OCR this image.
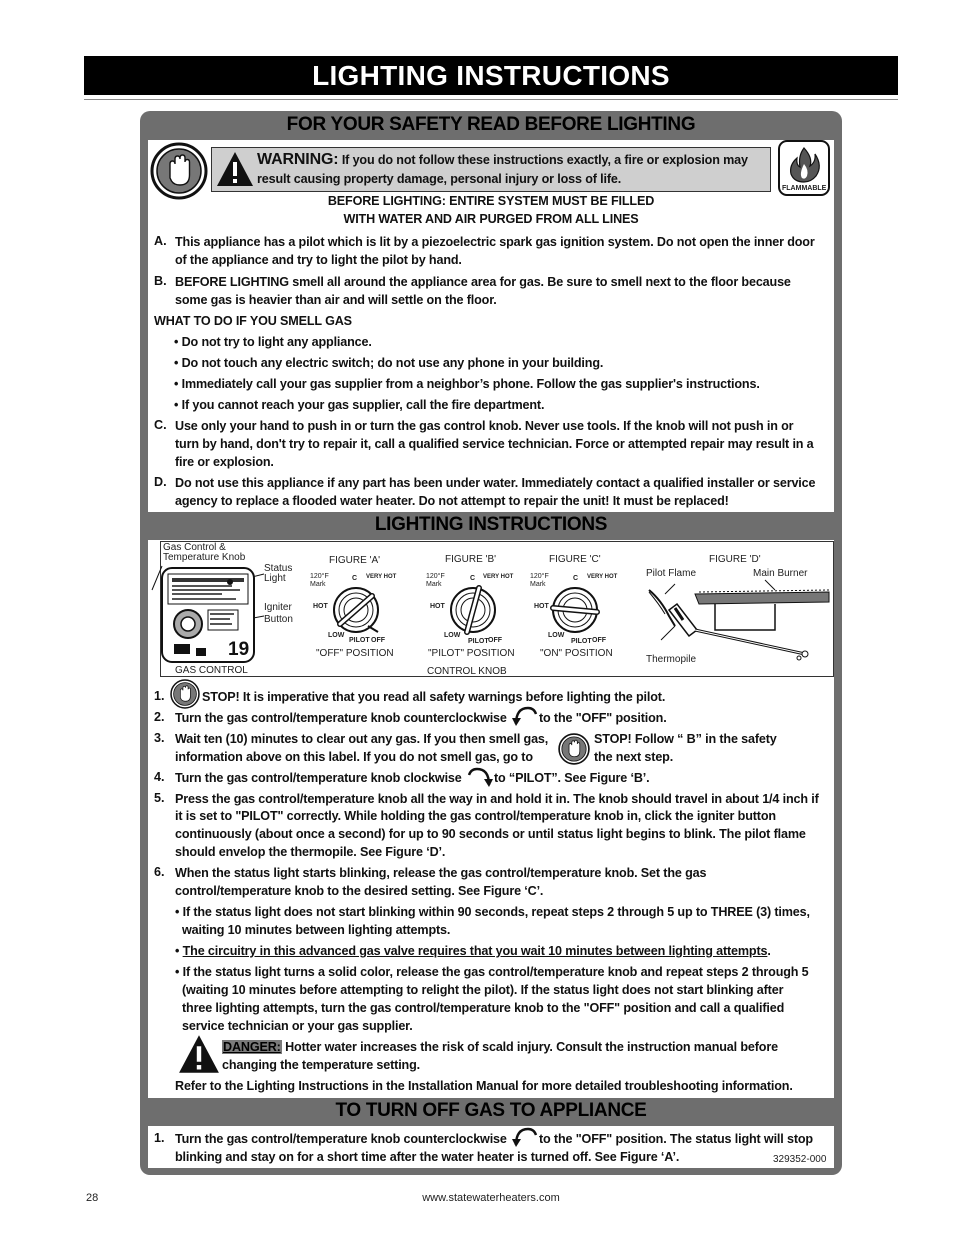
LIGHTING INSTRUCTIONS
FOR YOUR SAFETY READ BEFORE LIGHTING
LIGHTING INSTRUCTIONS
TO TURN OFF GAS TO APPLIANCE
WARNING: If you do not follow these instructions exactly, a fire or explosion may
result causing property damage, personal injury or loss of life.
FLAMMABLE
BEFORE LIGHTING: ENTIRE SYSTEM MUST BE FILLED
WITH WATER AND AIR PURGED FROM ALL LINES
A. This appliance has a pilot which is lit by a piezoelectric spark gas ignition system. Do not open the inner door
of the appliance and try to light the pilot by hand.
B. BEFORE LIGHTING smell all around the appliance area for gas. Be sure to smell next to the floor because
some gas is heavier than air and will settle on the floor.
WHAT TO DO IF YOU SMELL GAS
• Do not try to light any appliance.
• Do not touch any electric switch; do not use any phone in your building.
• Immediately call your gas supplier from a neighbor’s phone. Follow the gas supplier's instructions.
• If you cannot reach your gas supplier, call the fire department.
C. Use only your hand to push in or turn the gas control knob. Never use tools. If the knob will not push in or
turn by hand, don't try to repair it, call a qualified service technician. Force or attempted repair may result in a
fire or explosion.
D. Do not use this appliance if any part has been under water. Immediately contact a qualified installer or service
agency to replace a flooded water heater. Do not attempt to repair the unit! It must be replaced!
Gas Control &
Temperature Knob
Status
Light
Igniter
Button
19
GAS CONTROL
FIGURE 'A'	FIGURE 'B'	FIGURE 'C'	FIGURE 'D'
120°F
Mark
HOT
LOW
PILOT OFF
C VERY HOT
"OFF" POSITION
120°F
Mark
HOT
LOW
PILOT OFF
C VERY HOT
"PILOT" POSITION
120°F
Mark
HOT
LOW
PILOT OFF
C VERY HOT
"ON" POSITION
CONTROL KNOB
Pilot Flame	Main Burner
Thermopile
1.	STOP! It is imperative that you read all safety warnings before lighting the pilot.
2. Turn the gas control/temperature knob counterclockwise	to the "OFF" position.
3. Wait ten (10) minutes to clear out any gas. If you then smell gas,
information above on this label. If you do not smell gas, go to
STOP! Follow “ B” in the safety
the next step.
4. Turn the gas control/temperature knob clockwise	to “PILOT”. See Figure ‘B’.
5. Press the gas control/temperature knob all the way in and hold it in. The knob should travel in about 1/4 inch if
it is set to "PILOT" correctly. While holding the gas control/temperature knob in, click the igniter button
continuously (about once a second) for up to 90 seconds or until status light begins to blink. The pilot flame
should envelop the thermopile. See Figure ‘D’.
6. When the status light starts blinking, release the gas control/temperature knob. Set the gas
control/temperature knob to the desired setting. See Figure ‘C’.
• If the status light does not start blinking within 90 seconds, repeat steps 2 through 5 up to THREE (3) times,
waiting 10 minutes between lighting attempts.
• The circuitry in this advanced gas valve requires that you wait 10 minutes between lighting attempts.
• If the status light turns a solid color, release the gas control/temperature knob and repeat steps 2 through 5
(waiting 10 minutes before attempting to relight the pilot). If the status light does not start blinking after
three lighting attempts, turn the gas control/temperature knob to the "OFF" position and call a qualified
service technician or your gas supplier.
DANGER: Hotter water increases the risk of scald injury. Consult the instruction manual before
changing the temperature setting.
Refer to the Lighting Instructions in the Installation Manual for more detailed troubleshooting information.
1. Turn the gas control/temperature knob counterclockwise	to the "OFF" position. The status light will stop
blinking and stay on for a short time after the water heater is turned off. See Figure ‘A’.	329352-000
28	www.statewaterheaters.com
